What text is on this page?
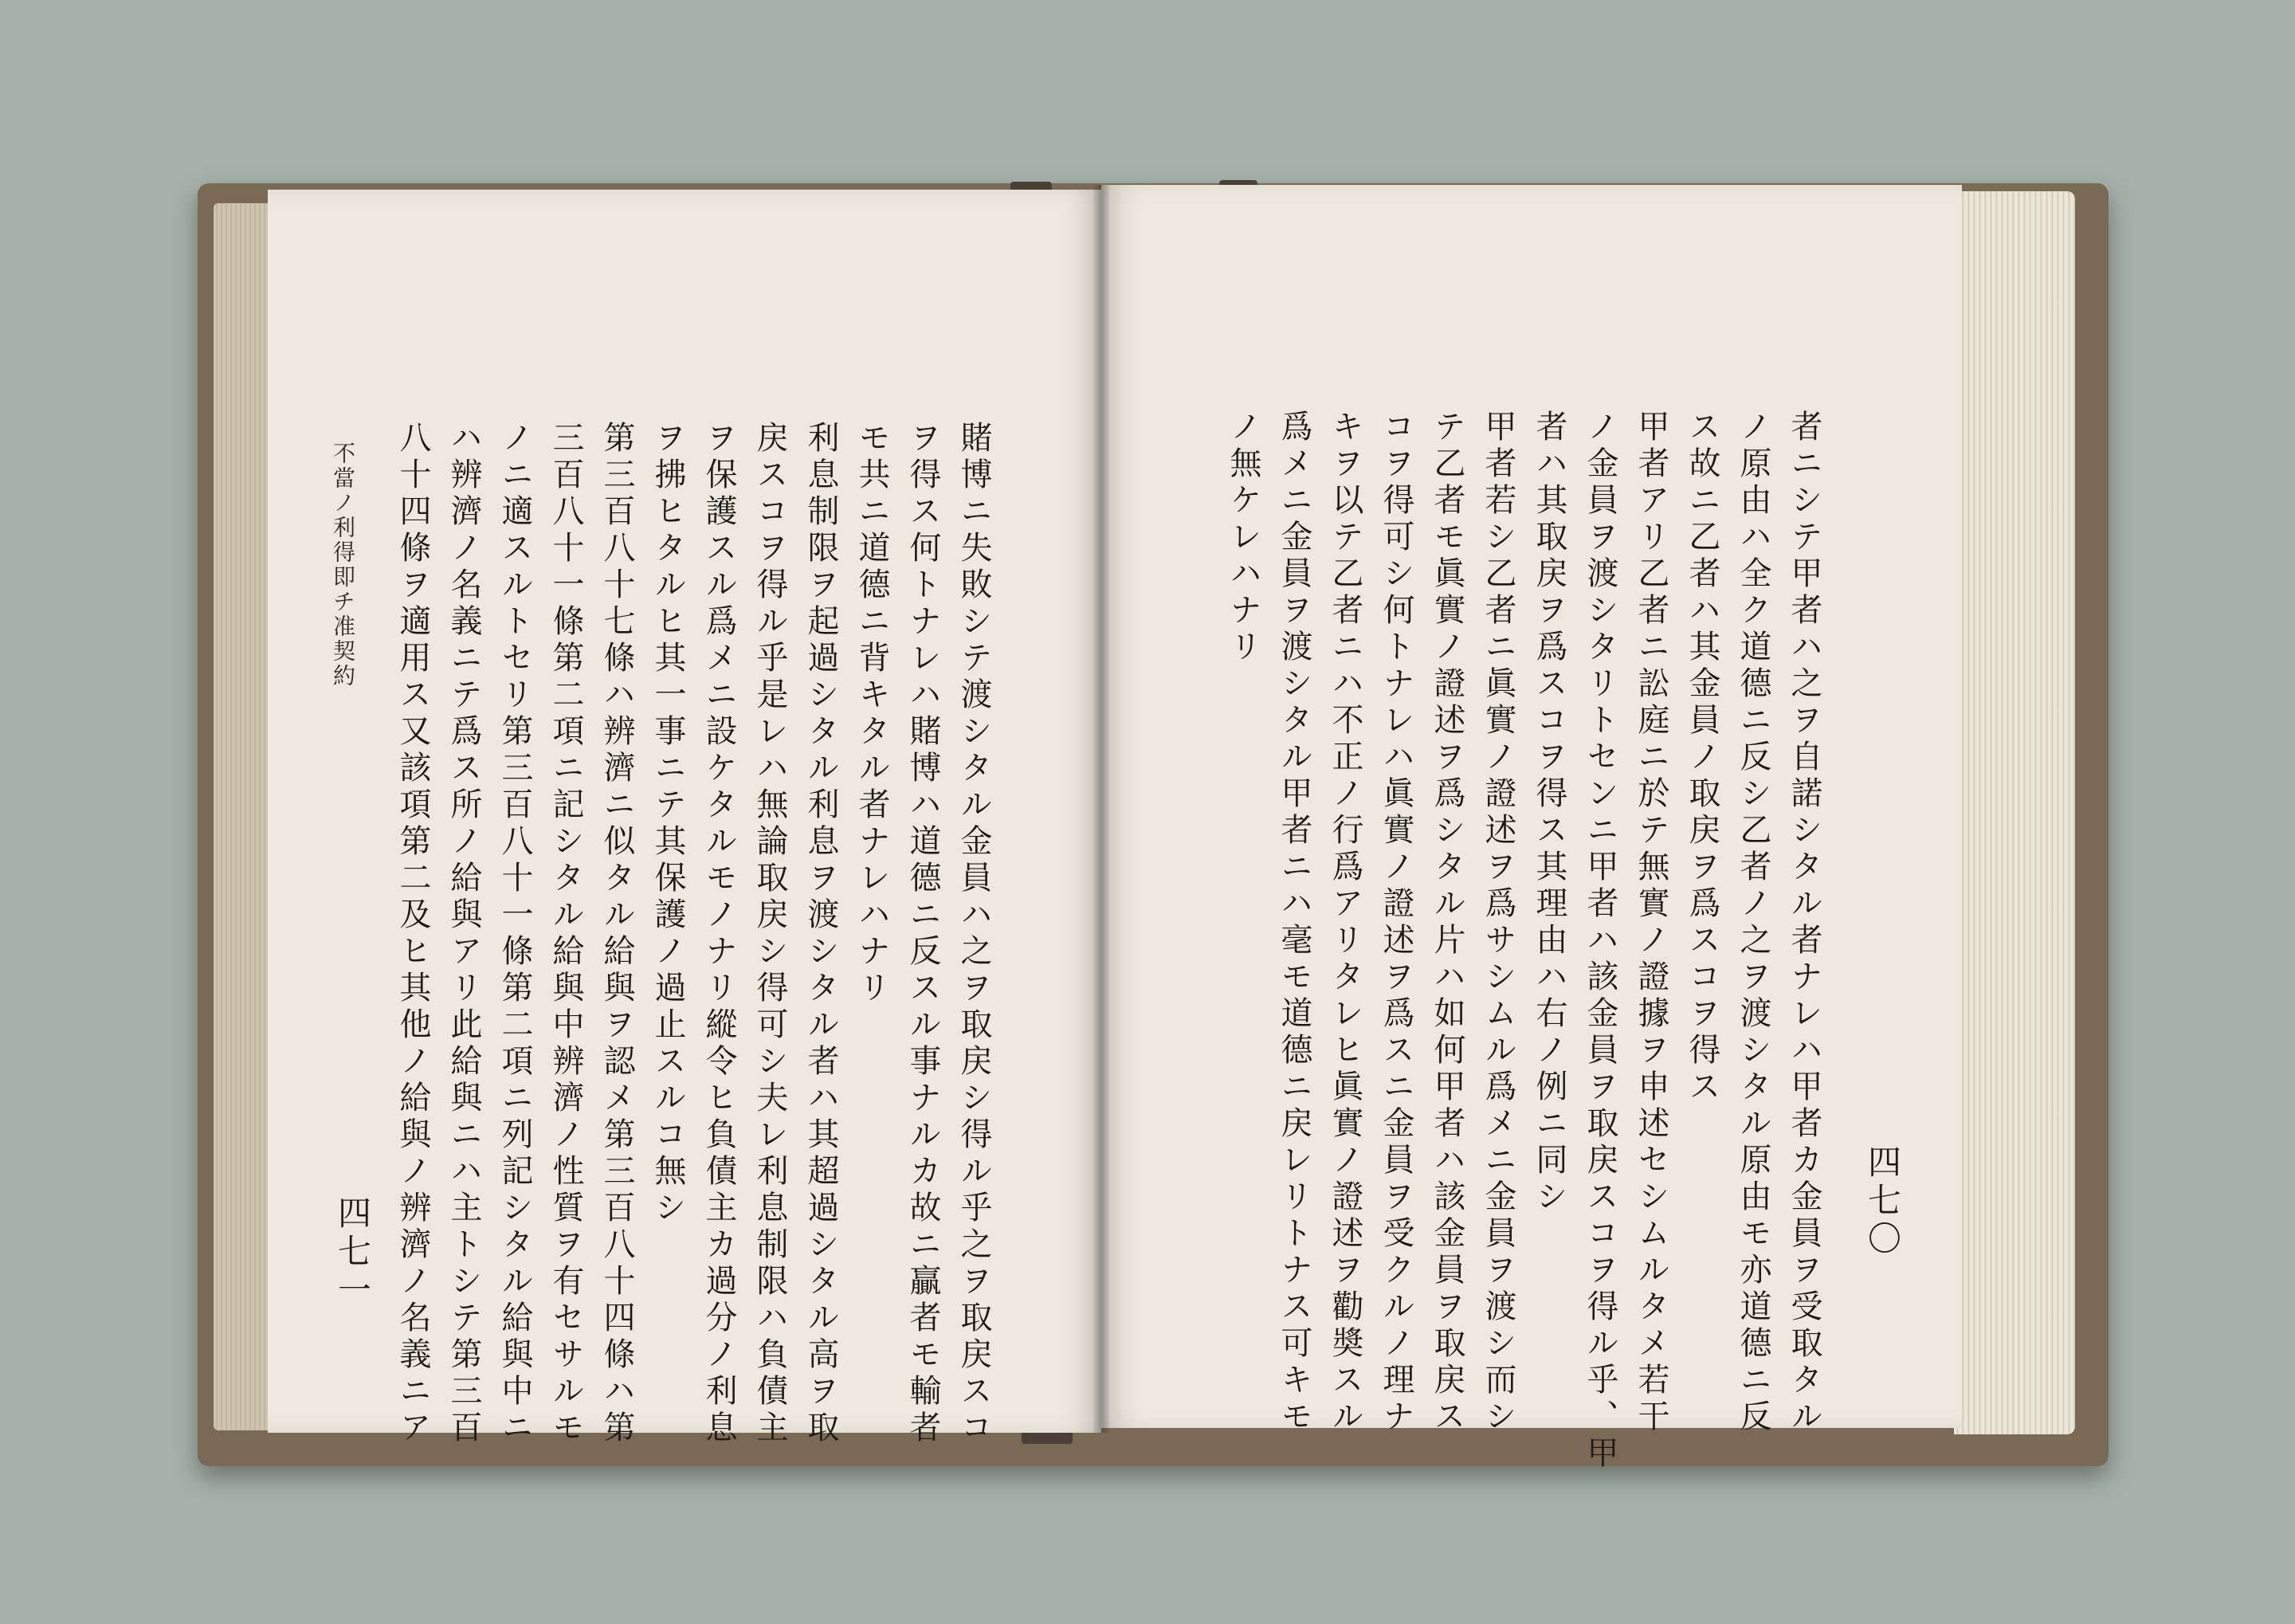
不當ノ利得即チ准契約
四七一	賭博ニ失敗シテ渡シタル金員ハ之ヲ取戻シ得ル乎之ヲ取戻スコ
ヲ得ス何トナレハ賭博ハ道德ニ反スル事ナルカ故ニ贏者モ輸者
モ共ニ道德ニ背キタル者ナレハナリ
利息制限ヲ起過シタル利息ヲ渡シタル者ハ其超過シタル高ヲ取
戻スコヲ得ル乎是レハ無論取戻シ得可シ夫レ利息制限ハ負債主
ヲ保護スル爲メニ設ケタルモノナリ縱令ヒ負債主カ過分ノ利息
ヲ拂ヒタルヒ其一事ニテ其保護ノ過止スルコ無シ
第三百八十七條ハ辨濟ニ似タル給與ヲ認メ第三百八十四條ハ第
三百八十一條第二項ニ記シタル給與中辨濟ノ性質ヲ有セサルモ
ノニ適スルトセリ第三百八十一條第二項ニ列記シタル給與中ニ
ハ辨濟ノ名義ニテ爲ス所ノ給與アリ此給與ニハ主トシテ第三百
八十四條ヲ適用ス又該項第二及ヒ其他ノ給與ノ辨濟ノ名義ニア	四七〇
者ニシテ甲者ハ之ヲ自諾シタル者ナレハ甲者カ金員ヲ受取タル
ノ原由ハ全ク道德ニ反シ乙者ノ之ヲ渡シタル原由モ亦道德ニ反
ス故ニ乙者ハ其金員ノ取戻ヲ爲スコヲ得ス
甲者アリ乙者ニ訟庭ニ於テ無實ノ證據ヲ申述セシムルタメ若干
ノ金員ヲ渡シタリトセンニ甲者ハ該金員ヲ取戻スコヲ得ル乎、甲
者ハ其取戻ヲ爲スコヲ得ス其理由ハ右ノ例ニ同シ
甲者若シ乙者ニ眞實ノ證述ヲ爲サシムル爲メニ金員ヲ渡シ而シ
テ乙者モ眞實ノ證述ヲ爲シタル片ハ如何甲者ハ該金員ヲ取戻ス
コヲ得可シ何トナレハ眞實ノ證述ヲ爲スニ金員ヲ受クルノ理ナ
キヲ以テ乙者ニハ不正ノ行爲アリタレヒ眞實ノ證述ヲ勸奬スル
爲メニ金員ヲ渡シタル甲者ニハ毫モ道德ニ戻レリトナス可キモ
ノ無ケレハナリ
